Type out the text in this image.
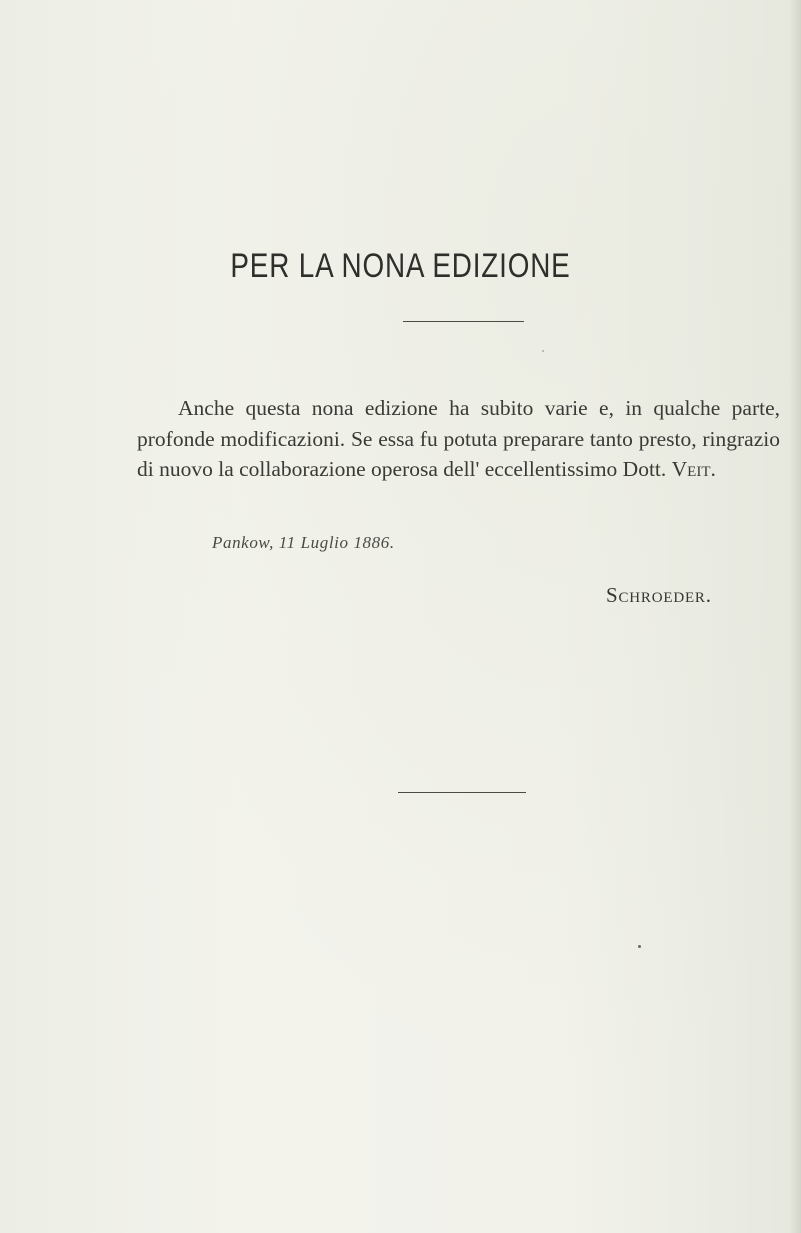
PER LA NONA EDIZIONE

Anche questa nona edizione ha subito varie e, in qualche parte, profonde modificazioni. Se essa fu potuta preparare tanto presto, ringrazio di nuovo la collaborazione operosa dell' eccellentissimo Dott. Veit.

Pankow, 11 Luglio 1886.
Schroeder.
